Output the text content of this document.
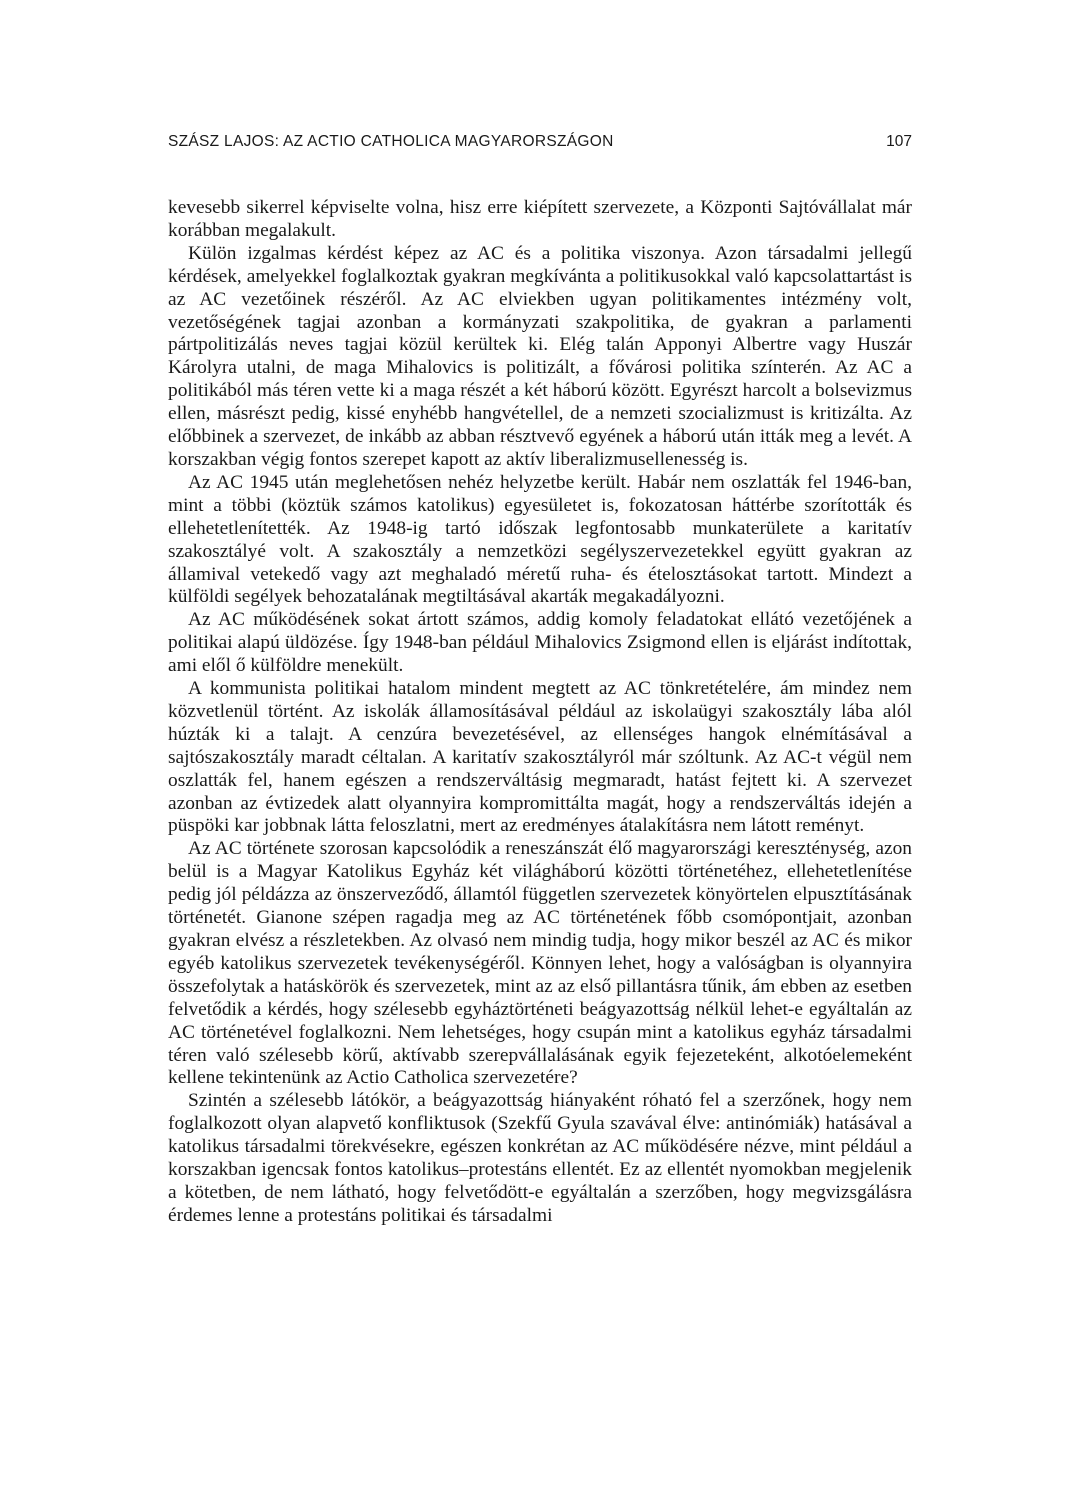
SZÁSZ LAJOS: AZ ACTIO CATHOLICA MAGYARORSZÁGON	107

kevesebb sikerrel képviselte volna, hisz erre kiépített szervezete, a Központi Sajtóvállalat már korábban megalakult.

Külön izgalmas kérdést képez az AC és a politika viszonya. Azon társadalmi jellegű kérdések, amelyekkel foglalkoztak gyakran megkívánta a politikusokkal való kapcsolattartást is az AC vezetőinek részéről. Az AC elviekben ugyan politikamentes intézmény volt, vezetőségének tagjai azonban a kormányzati szakpolitika, de gyakran a parlamenti pártpolitizálás neves tagjai közül kerültek ki. Elég talán Apponyi Albertre vagy Huszár Károlyra utalni, de maga Mihalovics is politizált, a fővárosi politika színterén. Az AC a politikából más téren vette ki a maga részét a két háború között. Egyrészt harcolt a bolsevizmus ellen, másrészt pedig, kissé enyhébb hangvétellel, de a nemzeti szocializmust is kritizálta. Az előbbinek a szervezet, de inkább az abban résztvevő egyének a háború után itták meg a levét. A korszakban végig fontos szerepet kapott az aktív liberalizmusellenesség is.

Az AC 1945 után meglehetősen nehéz helyzetbe került. Habár nem oszlatták fel 1946-ban, mint a többi (köztük számos katolikus) egyesületet is, fokozatosan háttérbe szorították és ellehetetlenítették. Az 1948-ig tartó időszak legfontosabb munkaterülete a karitatív szakosztályé volt. A szakosztály a nemzetközi segélyszervezetekkel együtt gyakran az államival vetekedő vagy azt meghaladó méretű ruha- és ételosztásokat tartott. Mindezt a külföldi segélyek behozatalának megtiltásával akarták megakadályozni.

Az AC működésének sokat ártott számos, addig komoly feladatokat ellátó vezetőjének a politikai alapú üldözése. Így 1948-ban például Mihalovics Zsigmond ellen is eljárást indítottak, ami elől ő külföldre menekült.

A kommunista politikai hatalom mindent megtett az AC tönkretételére, ám mindez nem közvetlenül történt. Az iskolák államosításával például az iskolaügyi szakosztály lába alól húzták ki a talajt. A cenzúra bevezetésével, az ellenséges hangok elnémításával a sajtószakosztály maradt céltalan. A karitatív szakosztályról már szóltunk. Az AC-t végül nem oszlatták fel, hanem egészen a rendszerváltásig megmaradt, hatást fejtett ki. A szervezet azonban az évtizedek alatt olyannyira kompromittálta magát, hogy a rendszerváltás idején a püspöki kar jobbnak látta feloszlatni, mert az eredményes átalakításra nem látott reményt.

Az AC története szorosan kapcsolódik a reneszánszát élő magyarországi kereszténység, azon belül is a Magyar Katolikus Egyház két világháború közötti történetéhez, ellehetetlenítése pedig jól példázza az önszerveződő, államtól független szervezetek könyörtelen elpusztításának történetét. Gianone szépen ragadja meg az AC történetének főbb csomópontjait, azonban gyakran elvész a részletekben. Az olvasó nem mindig tudja, hogy mikor beszél az AC és mikor egyéb katolikus szervezetek tevékenységéről. Könnyen lehet, hogy a valóságban is olyannyira összefolytak a hatáskörök és szervezetek, mint az az első pillantásra tűnik, ám ebben az esetben felvetődik a kérdés, hogy szélesebb egyháztörténeti beágyazottság nélkül lehet-e egyáltalán az AC történetével foglalkozni. Nem lehetséges, hogy csupán mint a katolikus egyház társadalmi téren való szélesebb körű, aktívabb szerepvállalásának egyik fejezeteként, alkotóelemeként kellene tekintenünk az Actio Catholica szervezetére?

Szintén a szélesebb látókör, a beágyazottság hiányaként róható fel a szerzőnek, hogy nem foglalkozott olyan alapvető konfliktusok (Szekfű Gyula szavával élve: antinómiák) hatásával a katolikus társadalmi törekvésekre, egészen konkrétan az AC működésére nézve, mint például a korszakban igencsak fontos katolikus–protestáns ellentét. Ez az ellentét nyomokban megjelenik a kötetben, de nem látható, hogy felvetődött-e egyáltalán a szerzőben, hogy megvizsgálásra érdemes lenne a protestáns politikai és társadalmi
